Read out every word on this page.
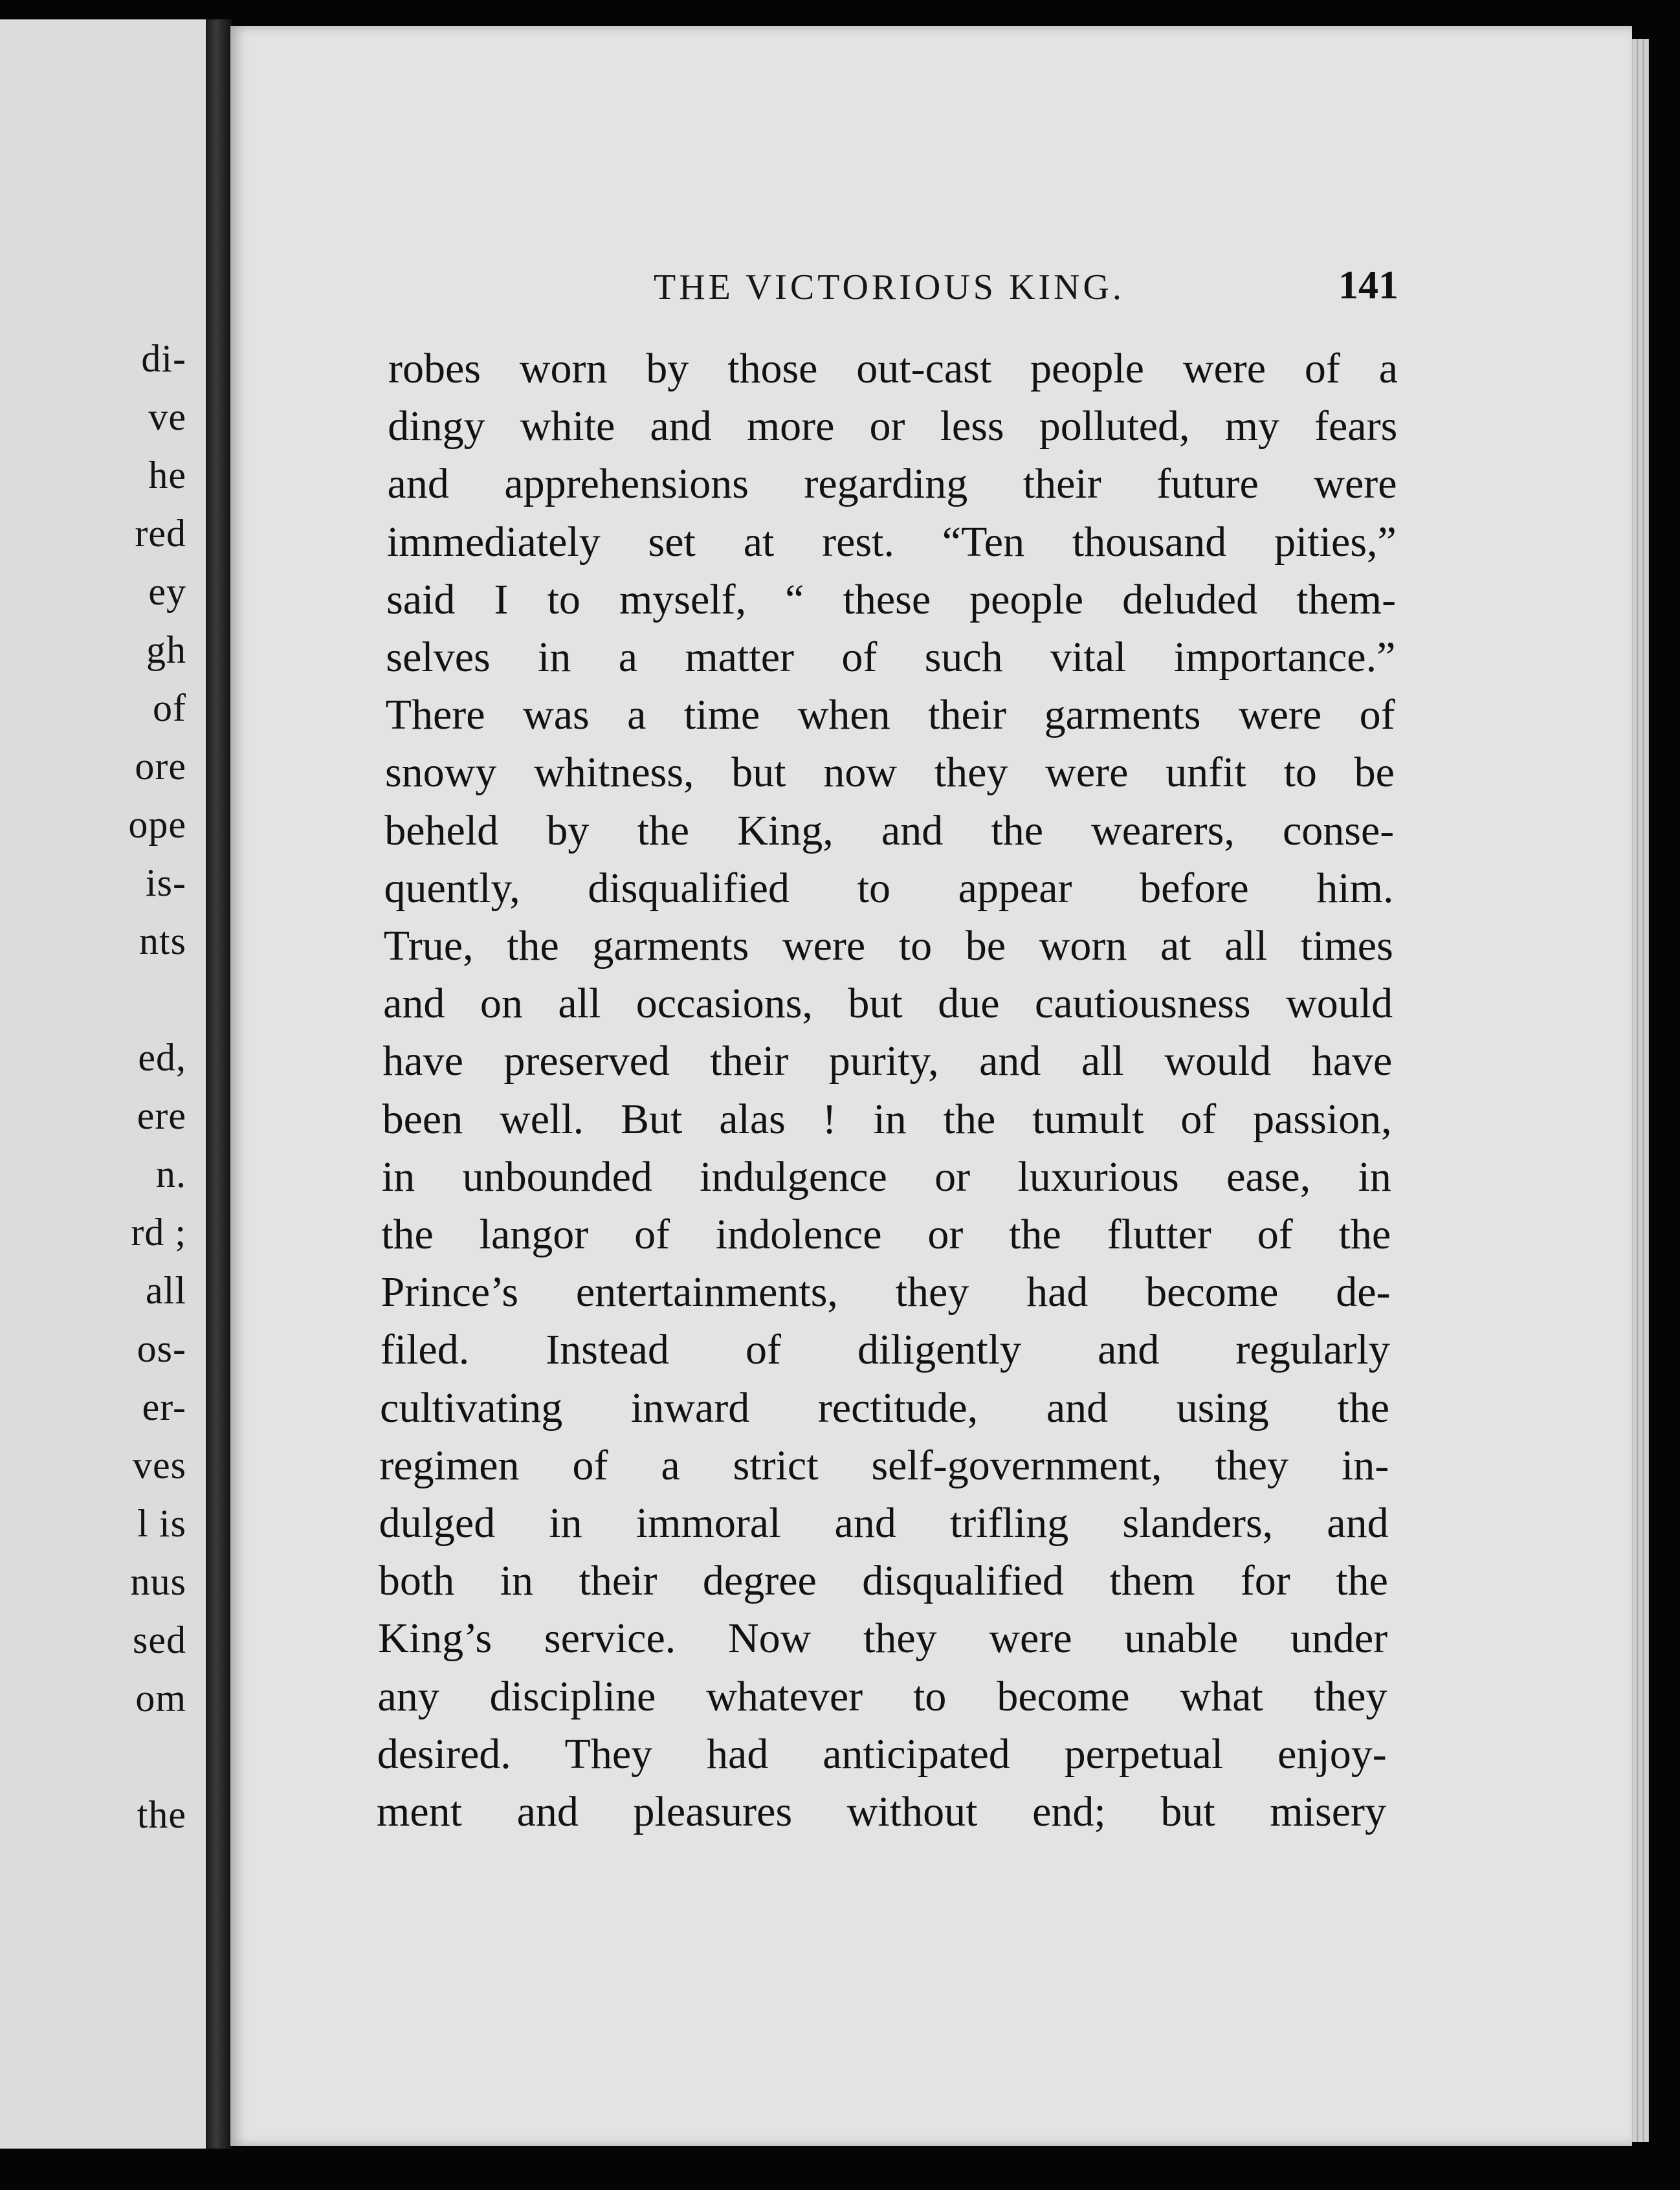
di-
ve
he
red
ey
gh
of
ore
ope
is-
nts
ed,
ere
n.
rd ;
all
os-
er-
ves
l is
nus
sed
om
the
THE VICTORIOUS KING.	141
robes worn by those out-cast people were of a
dingy white and more or less polluted, my fears
and apprehensions regarding their future were
immediately set at rest. “Ten thousand pities,”
said I to myself, “ these people deluded them-
selves in a matter of such vital importance.”
There was a time when their garments were of
snowy whitness, but now they were unfit to be
beheld by the King, and the wearers, conse-
quently, disqualified to appear before him.
True, the garments were to be worn at all times
and on all occasions, but due cautiousness would
have preserved their purity, and all would have
been well. But alas ! in the tumult of passion,
in unbounded indulgence or luxurious ease, in
the langor of indolence or the flutter of the
Prince’s entertainments, they had become de-
filed. Instead of diligently and regularly
cultivating inward rectitude, and using the
regimen of a strict self-government, they in-
dulged in immoral and trifling slanders, and
both in their degree disqualified them for the
King’s service. Now they were unable under
any discipline whatever to become what they
desired. They had anticipated perpetual enjoy-
ment and pleasures without end; but misery
